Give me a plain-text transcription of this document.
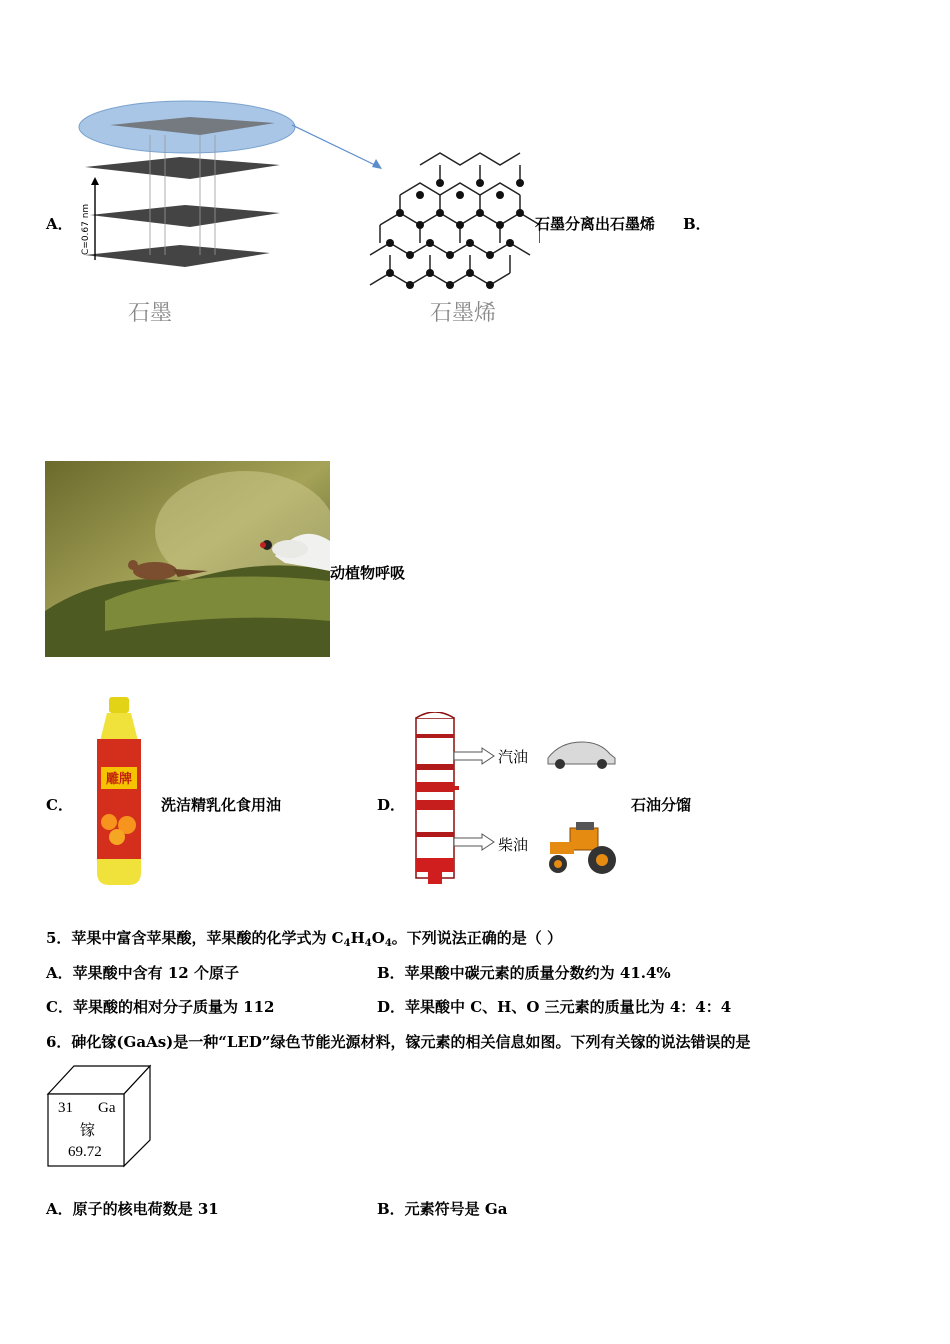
A． C=0.67 nm
石墨	石墨烯
石墨分离出石墨烯 B．
动植物呼吸
C．
雕牌
洗洁精乳化食用油	D．
汽油
柴油
石油分馏
5．苹果中富含苹果酸，苹果酸的化学式为 $C_4H_4O_4$。下列说法正确的是（ ）
A．苹果酸中含有 12 个原子	B．苹果酸中碳元素的质量分数约为 41.4%
C．苹果酸的相对分子质量为 112	D．苹果酸中 C、H、O 三元素的质量比为 4：4：4
6．砷化镓(GaAs)是一种“LED”绿色节能光源材料，镓元素的相关信息如图。下列有关镓的说法错误的是
31 Ga
镓
69.72
A．原子的核电荷数是 31	B．元素符号是 Ga
